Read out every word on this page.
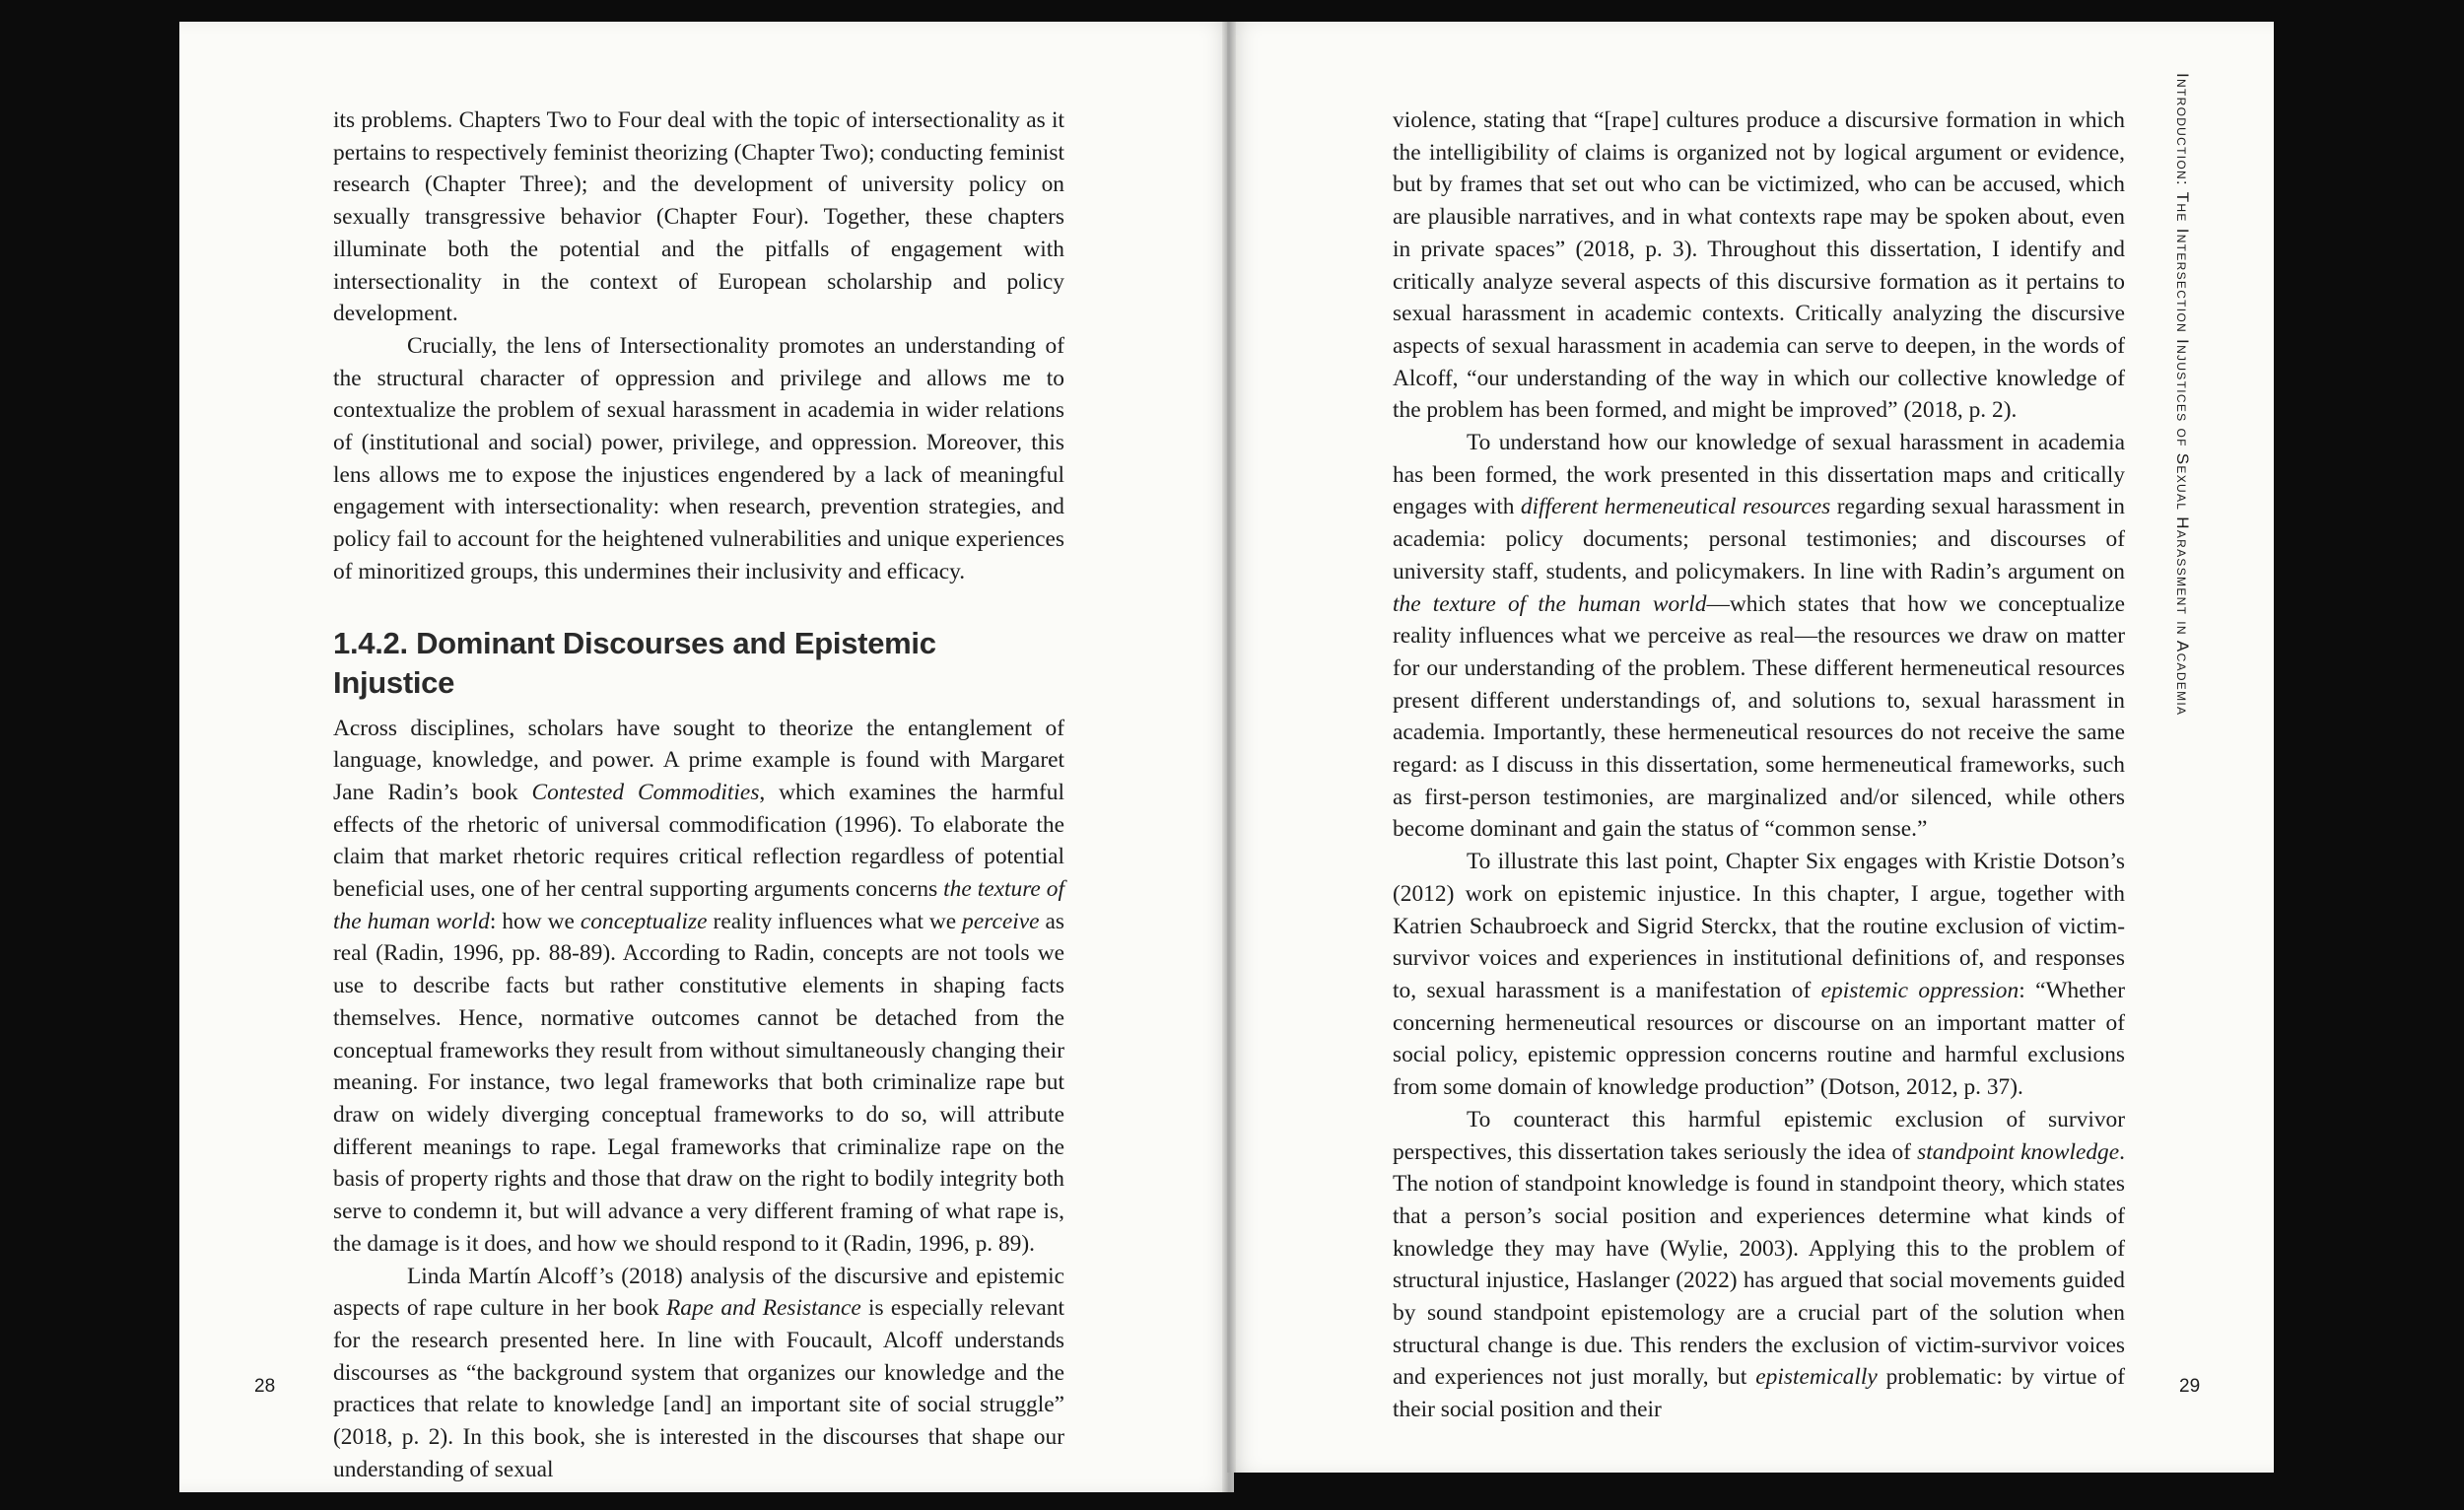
its problems. Chapters Two to Four deal with the topic of intersectionality as it pertains to respectively feminist theorizing (Chapter Two); conducting feminist research (Chapter Three); and the development of university policy on sexually transgressive behavior (Chapter Four). Together, these chapters illuminate both the potential and the pitfalls of engagement with intersectionality in the context of European scholarship and policy development.

Crucially, the lens of Intersectionality promotes an understanding of the structural character of oppression and privilege and allows me to contextualize the problem of sexual harassment in academia in wider relations of (institutional and social) power, privilege, and oppression. Moreover, this lens allows me to expose the injustices engendered by a lack of meaningful engagement with intersectionality: when research, prevention strategies, and policy fail to account for the heightened vulnerabilities and unique experiences of minoritized groups, this undermines their inclusivity and efficacy.

1.4.2. Dominant Discourses and Epistemic Injustice

Across disciplines, scholars have sought to theorize the entanglement of language, knowledge, and power. A prime example is found with Margaret Jane Radin’s book Contested Commodities, which examines the harmful effects of the rhetoric of universal commodification (1996). To elaborate the claim that market rhetoric requires critical reflection regardless of potential beneficial uses, one of her central supporting arguments concerns the texture of the human world: how we conceptualize reality influences what we perceive as real (Radin, 1996, pp. 88-89). According to Radin, concepts are not tools we use to describe facts but rather constitutive elements in shaping facts themselves. Hence, normative outcomes cannot be detached from the conceptual frameworks they result from without simultaneously changing their meaning. For instance, two legal frameworks that both criminalize rape but draw on widely diverging conceptual frameworks to do so, will attribute different meanings to rape. Legal frameworks that criminalize rape on the basis of property rights and those that draw on the right to bodily integrity both serve to condemn it, but will advance a very different framing of what rape is, the damage is it does, and how we should respond to it (Radin, 1996, p. 89).

Linda Martín Alcoff’s (2018) analysis of the discursive and epistemic aspects of rape culture in her book Rape and Resistance is especially relevant for the research presented here. In line with Foucault, Alcoff understands discourses as “the background system that organizes our knowledge and the practices that relate to knowledge [and] an important site of social struggle” (2018, p. 2). In this book, she is interested in the discourses that shape our understanding of sexual

28

violence, stating that “[rape] cultures produce a discursive formation in which the intelligibility of claims is organized not by logical argument or evidence, but by frames that set out who can be victimized, who can be accused, which are plausible narratives, and in what contexts rape may be spoken about, even in private spaces” (2018, p. 3). Throughout this dissertation, I identify and critically analyze several aspects of this discursive formation as it pertains to sexual harassment in academic contexts. Critically analyzing the discursive aspects of sexual harassment in academia can serve to deepen, in the words of Alcoff, “our understanding of the way in which our collective knowledge of the problem has been formed, and might be improved” (2018, p. 2).

To understand how our knowledge of sexual harassment in academia has been formed, the work presented in this dissertation maps and critically engages with different hermeneutical resources regarding sexual harassment in academia: policy documents; personal testimonies; and discourses of university staff, students, and policymakers. In line with Radin’s argument on the texture of the human world—which states that how we conceptualize reality influences what we perceive as real—the resources we draw on matter for our understanding of the problem. These different hermeneutical resources present different understandings of, and solutions to, sexual harassment in academia. Importantly, these hermeneutical resources do not receive the same regard: as I discuss in this dissertation, some hermeneutical frameworks, such as first-person testimonies, are marginalized and/or silenced, while others become dominant and gain the status of “common sense.”

To illustrate this last point, Chapter Six engages with Kristie Dotson’s (2012) work on epistemic injustice. In this chapter, I argue, together with Katrien Schaubroeck and Sigrid Sterckx, that the routine exclusion of victim-survivor voices and experiences in institutional definitions of, and responses to, sexual harassment is a manifestation of epistemic oppression: “Whether concerning hermeneutical resources or discourse on an important matter of social policy, epistemic oppression concerns routine and harmful exclusions from some domain of knowledge production” (Dotson, 2012, p. 37).

To counteract this harmful epistemic exclusion of survivor perspectives, this dissertation takes seriously the idea of standpoint knowledge. The notion of standpoint knowledge is found in standpoint theory, which states that a person’s social position and experiences determine what kinds of knowledge they may have (Wylie, 2003). Applying this to the problem of structural injustice, Haslanger (2022) has argued that social movements guided by sound standpoint epistemology are a crucial part of the solution when structural change is due. This renders the exclusion of victim-survivor voices and experiences not just morally, but epistemically problematic: by virtue of their social position and their

29
Introduction: The Intersection Injustices of Sexual Harassment in Academia
